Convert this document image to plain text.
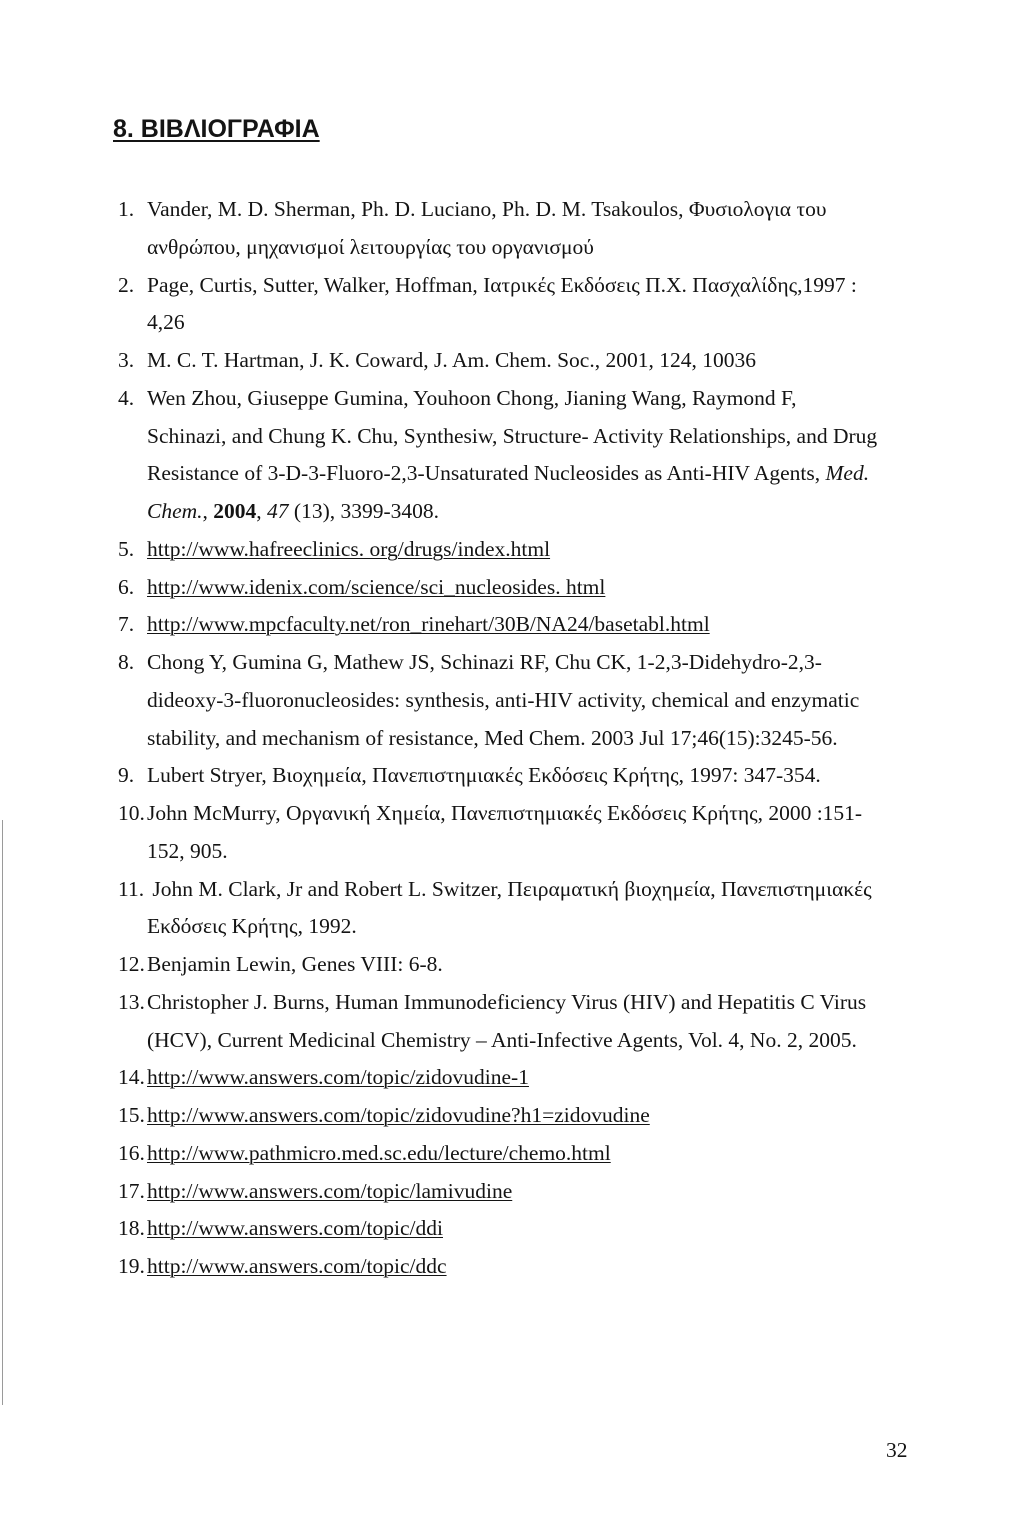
8. ΒΙΒΛΙΟΓΡΑΦΙΑ
1. Vander, M. D. Sherman, Ph. D. Luciano, Ph. D. M. Tsakoulos, Φυσιολογια του
ανθρώπου, μηχανισμοί λειτουργίας του οργανισμού
2. Page, Curtis, Sutter, Walker, Hoffman, Ιατρικές Εκδόσεις Π.Χ. Πασχαλίδης,1997 :
4,26
3. M. C. T. Hartman, J. K. Coward, J. Am. Chem. Soc., 2001, 124, 10036
4. Wen Zhou, Giuseppe Gumina, Youhoon Chong, Jianing Wang, Raymond F,
Schinazi, and Chung K. Chu, Synthesiw, Structure- Activity Relationships, and Drug
Resistance of 3-D-3-Fluoro-2,3-Unsaturated Nucleosides as Anti-HIV Agents, Med.
Chem., 2004, 47 (13), 3399-3408.
5. http://www.hafreeclinics. org/drugs/index.html
6. http://www.idenix.com/science/sci_nucleosides. html
7. http://www.mpcfaculty.net/ron_rinehart/30B/NA24/basetabl.html
8. Chong Y, Gumina G, Mathew JS, Schinazi RF, Chu CK, 1-2,3-Didehydro-2,3-
dideoxy-3-fluoronucleosides: synthesis, anti-HIV activity, chemical and enzymatic
stability, and mechanism of resistance, Med Chem. 2003 Jul 17;46(15):3245-56.
9. Lubert Stryer, Βιοχημεία, Πανεπιστημιακές Εκδόσεις Κρήτης, 1997: 347-354.
10. John McMurry, Οργανική Χημεία, Πανεπιστημιακές Εκδόσεις Κρήτης, 2000 :151-
152, 905.
11. John M. Clark, Jr and Robert L. Switzer, Πειραματική βιοχημεία, Πανεπιστημιακές
Εκδόσεις Κρήτης, 1992.
12. Benjamin Lewin, Genes VIII: 6-8.
13. Christopher J. Burns, Human Immunodeficiency Virus (HIV) and Hepatitis C Virus
(HCV), Current Medicinal Chemistry – Anti-Infective Agents, Vol. 4, No. 2, 2005.
14. http://www.answers.com/topic/zidovudine-1
15. http://www.answers.com/topic/zidovudine?h1=zidovudine
16. http://www.pathmicro.med.sc.edu/lecture/chemo.html
17. http://www.answers.com/topic/lamivudine
18. http://www.answers.com/topic/ddi
19. http://www.answers.com/topic/ddc
32
